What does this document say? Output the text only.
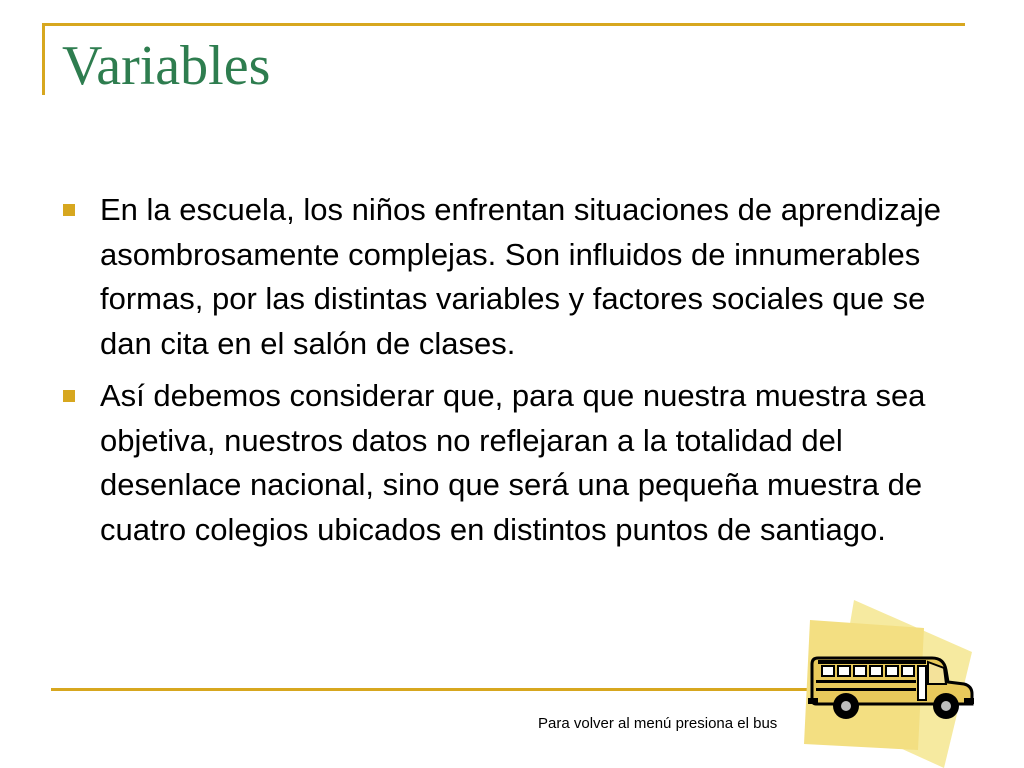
Variables
En la escuela, los niños enfrentan situaciones de aprendizaje asombrosamente complejas. Son influidos de innumerables formas, por las distintas variables y factores sociales que se dan cita en el salón de clases.
Así debemos considerar que, para que nuestra muestra sea objetiva, nuestros datos no reflejaran a la totalidad del desenlace nacional, sino que será una pequeña muestra de cuatro colegios ubicados en distintos puntos de santiago.
Para volver al menú presiona el bus
